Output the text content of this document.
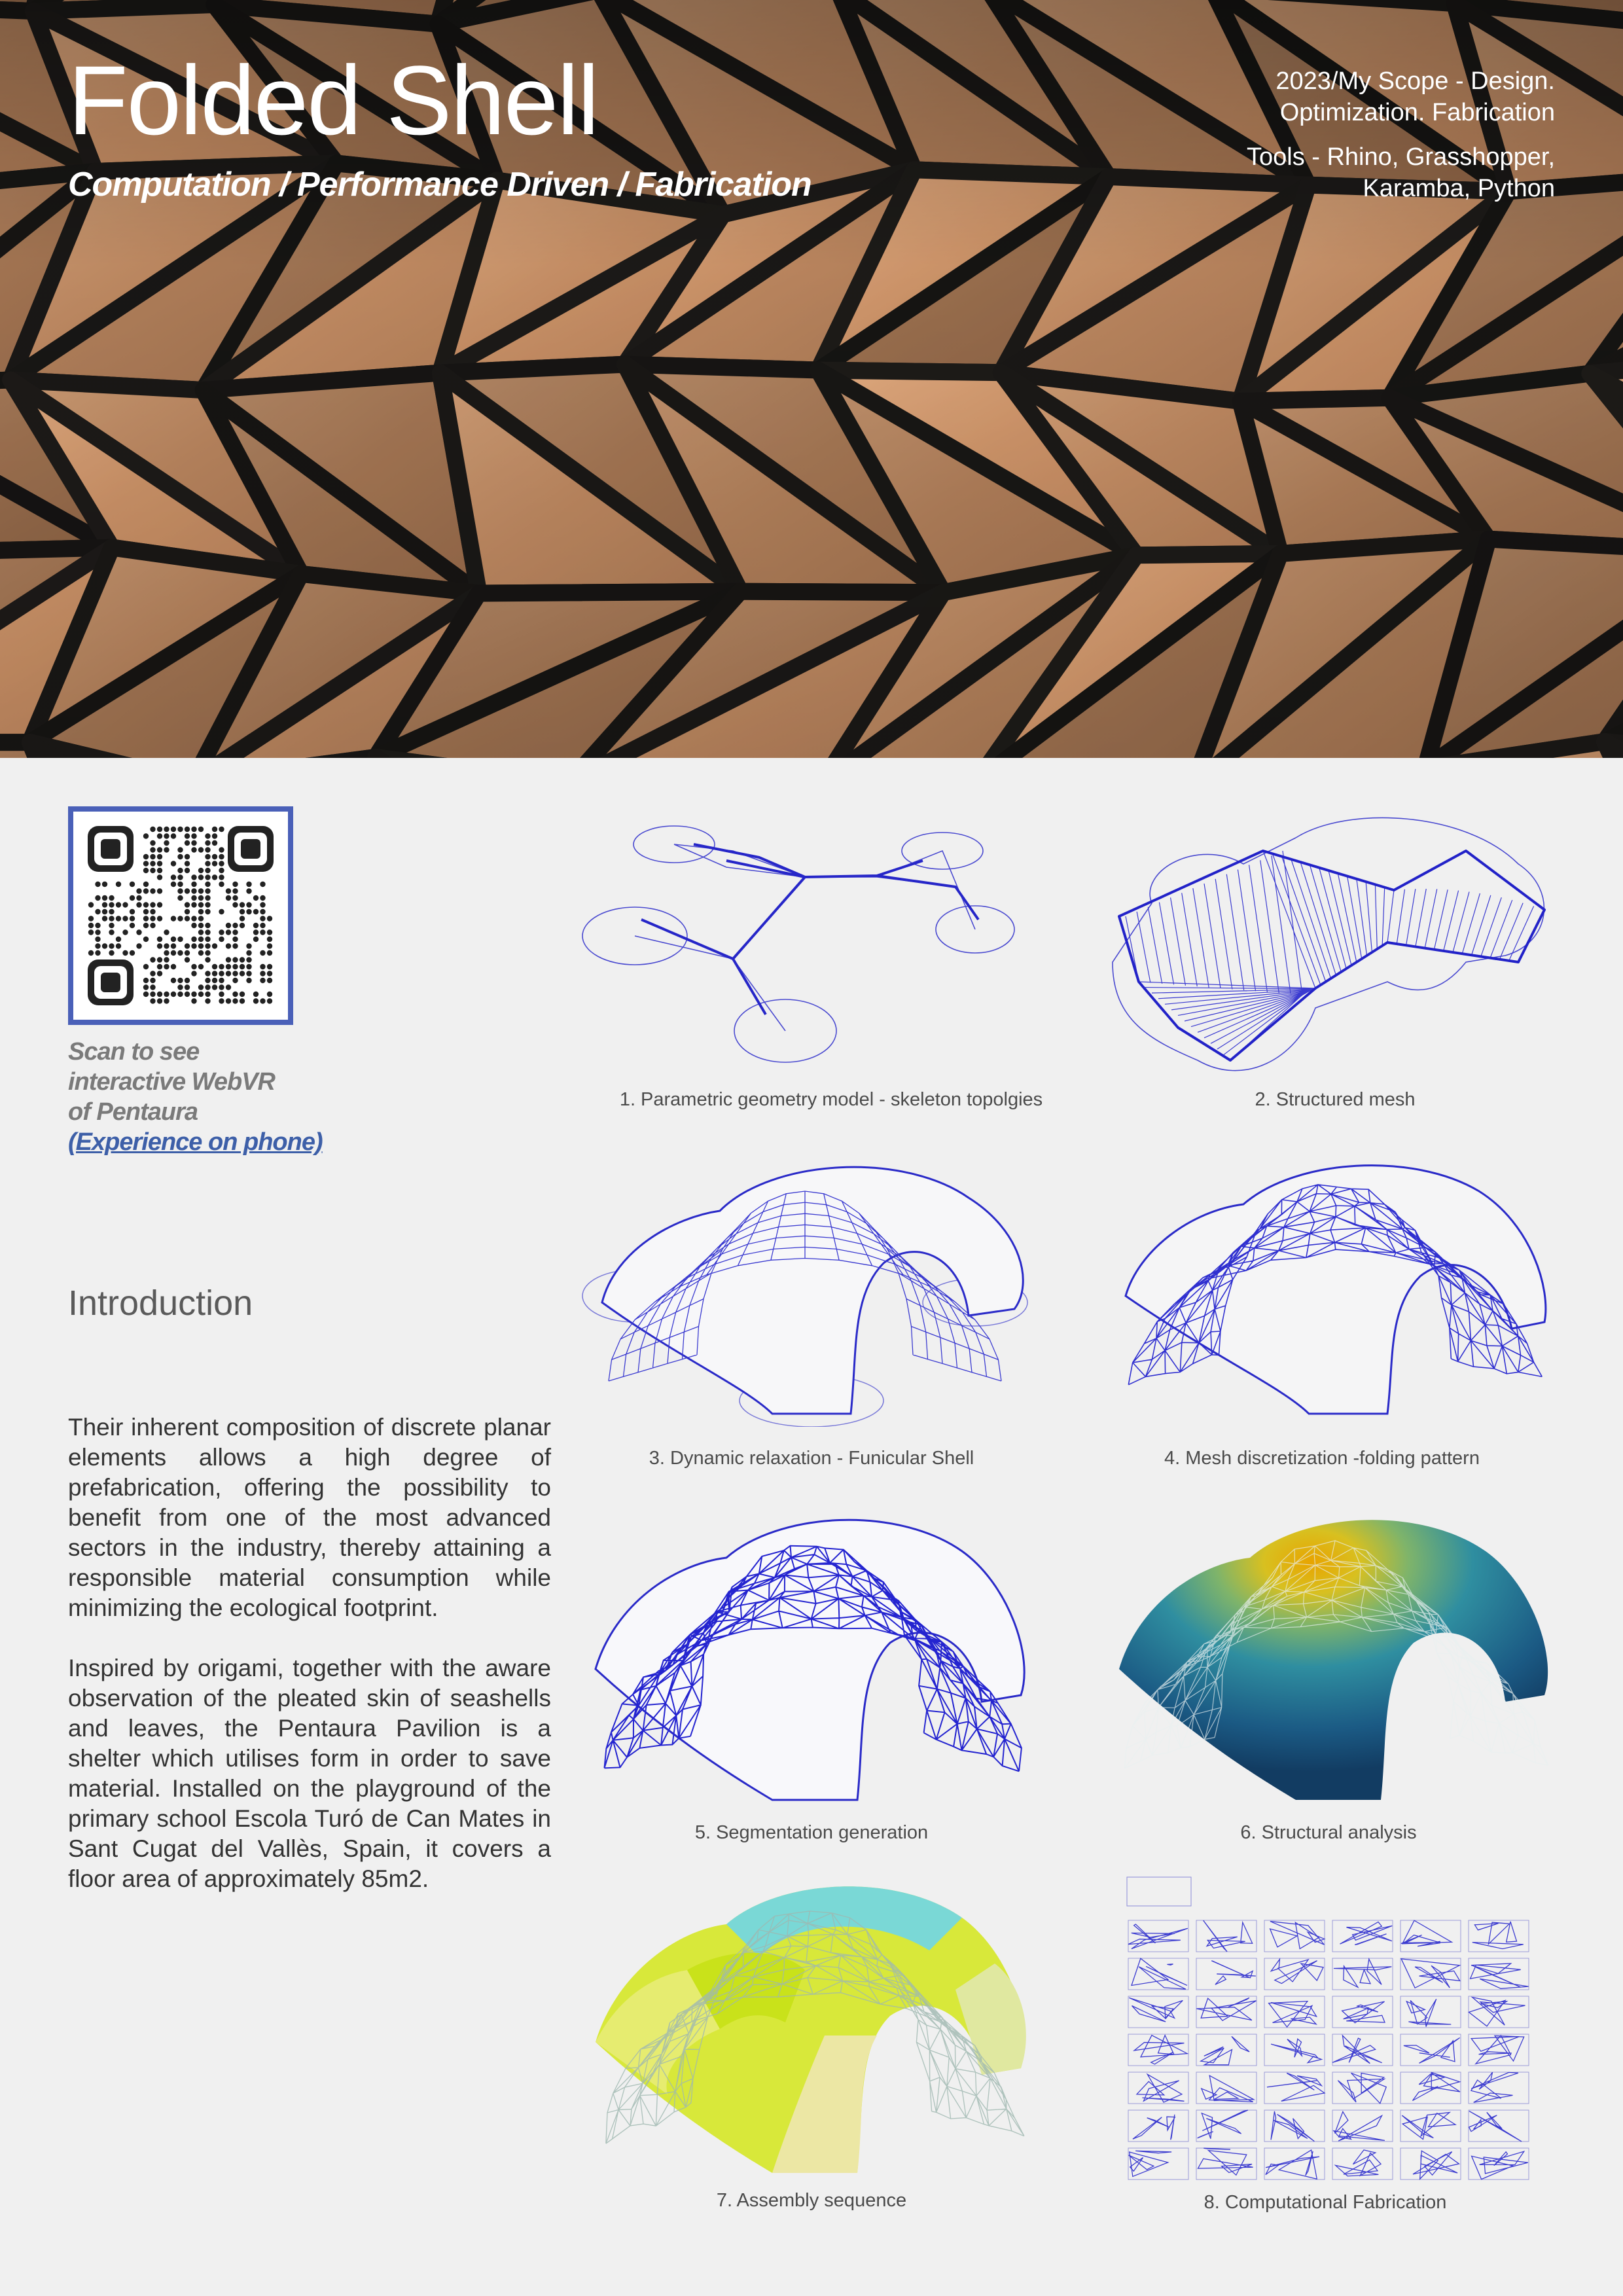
Folded Shell
Computation / Performance Driven / Fabrication
2023/My Scope - Design.
Optimization. Fabrication
Tools - Rhino, Grasshopper,
Karamba, Python
Scan to see
interactive WebVR
of Pentaura
(Experience on phone)
Introduction
Their inherent composition of discrete planar elements allows a high degree of prefabrication, offering the possibility to benefit from one of the most advanced sectors in the industry, thereby attaining a responsible material consumption while minimizing the ecological footprint.
Inspired by origami, together with the aware observation of the pleated skin of seashells and leaves, the Pentaura Pavilion is a shelter which utilises form in order to save material. Installed on the playground of the primary school Escola Turó de Can Mates in Sant Cugat del Vallès, Spain, it covers a floor area of approximately 85m2.
1. Parametric geometry model - skeleton topolgies	2. Structured mesh
3. Dynamic relaxation - Funicular Shell	4. Mesh discretization -folding pattern
5. Segmentation generation	6. Structural analysis
7. Assembly sequence	8. Computational Fabrication
